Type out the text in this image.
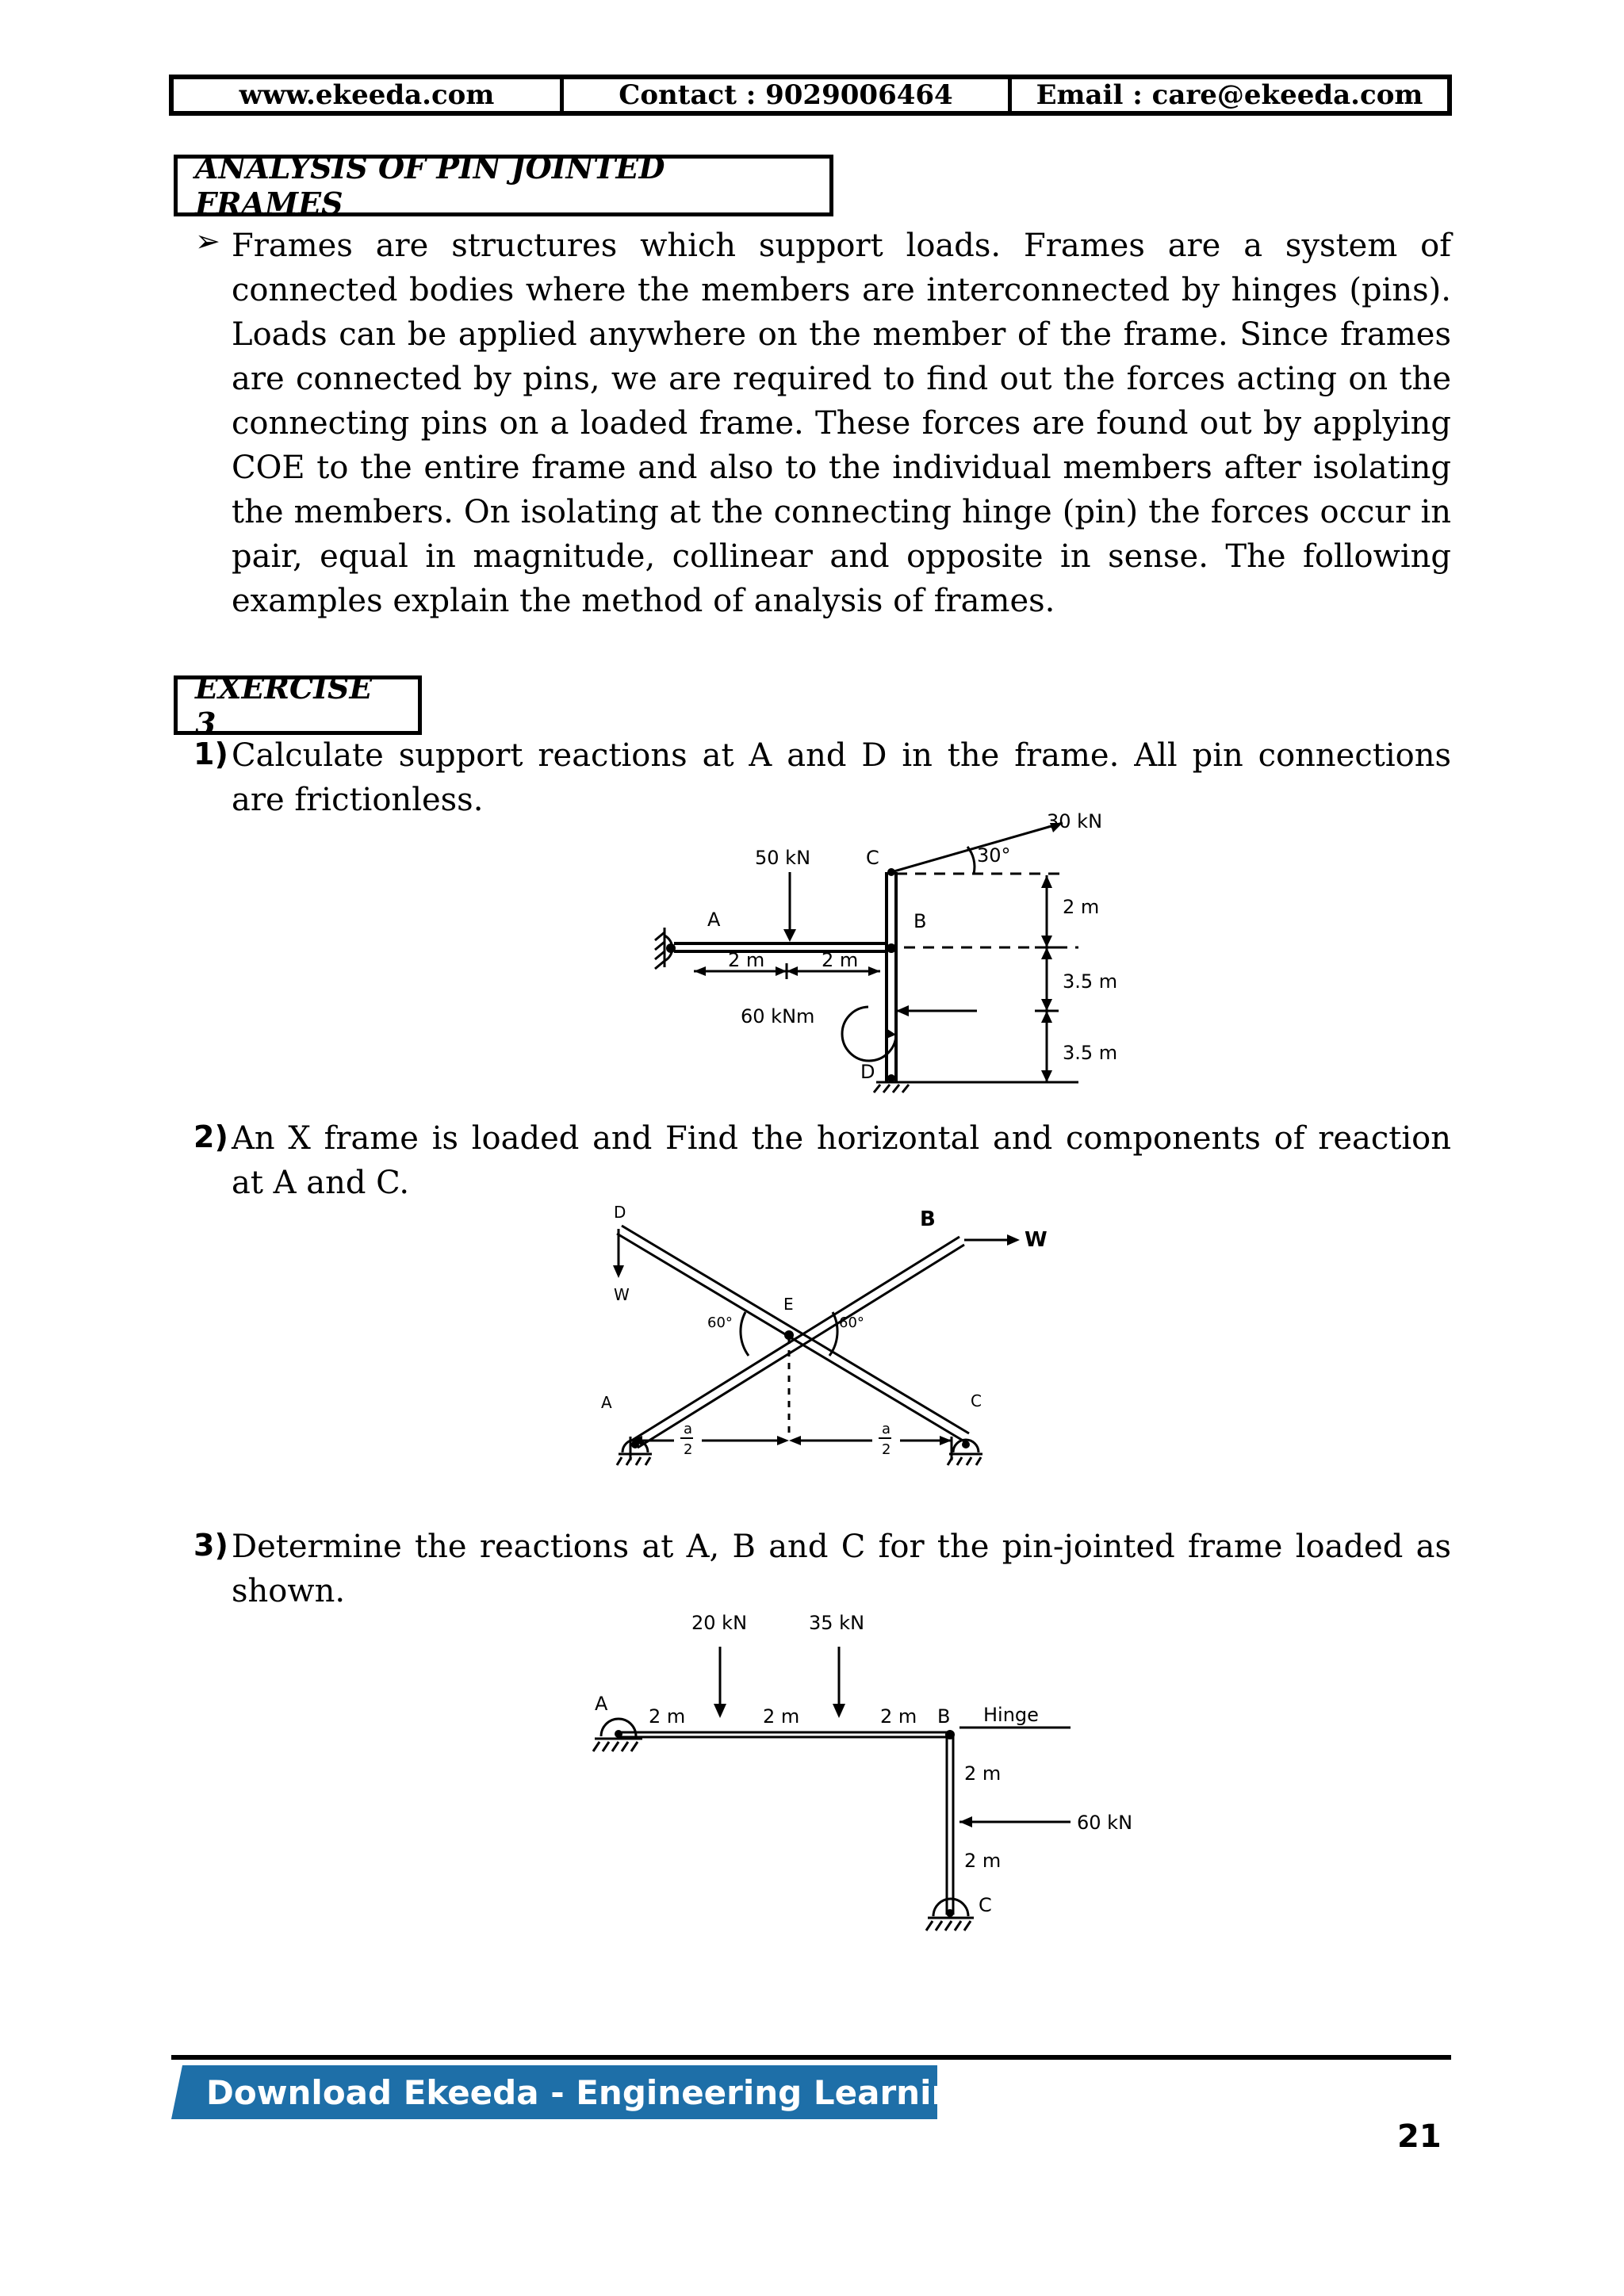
www.ekeeda.com	Contact : 9029006464	Email : care@ekeeda.com
ANALYSIS OF PIN JOINTED FRAMES
➢ Frames are structures which support loads. Frames are a system of connected bodies where the members are interconnected by hinges (pins). Loads can be applied anywhere on the member of the frame. Since frames are connected by pins, we are required to find out the forces acting on the connecting pins on a loaded frame. These forces are found out by applying COE to the entire frame and also to the individual members after isolating the members. On isolating at the connecting hinge (pin) the forces occur in pair, equal in magnitude, collinear and opposite in sense. The following examples explain the method of analysis of frames.
EXERCISE 3
1) Calculate support reactions at A and D in the frame. All pin connections are frictionless.
30 kN
30°
50 kN	C
A	B
D
2 m
3.5 m
3.5 m
2 m	2 m
60 kNm
2) An X frame is loaded and Find the horizontal and components of reaction at A and C.
D	B
W
W	E
60°	60°
A	C
a
2
a
2
3) Determine the reactions at A, B and C for the pin-jointed frame loaded as shown.
20 kN	35 kN
A
2 m	2 m	2 m B Hinge
2 m
60 kN
2 m
C
Download Ekeeda - Engineering Learning App
21
